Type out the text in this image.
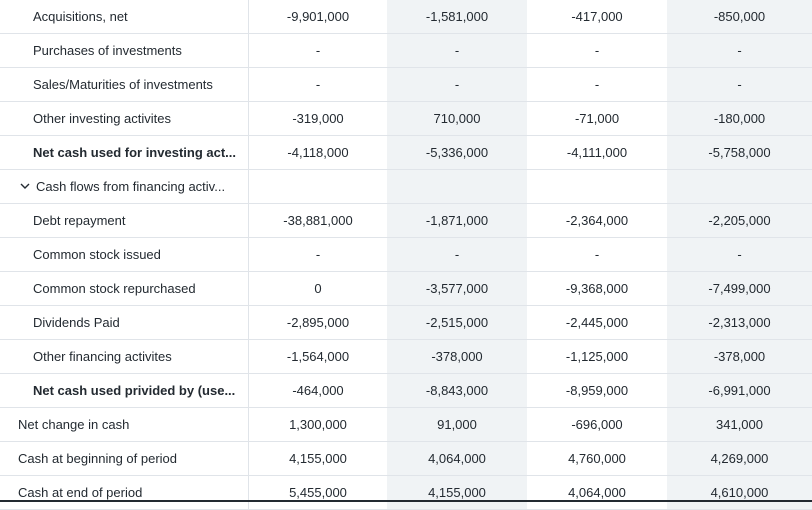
Acquisitions, net	-9,901,000	-1,581,000	-417,000	-850,000
Purchases of investments	-	-	-	-
Sales/Maturities of investments	-	-	-	-
Other investing activites	-319,000	710,000	-71,000	-180,000
Net cash used for investing act...	-4,118,000	-5,336,000	-4,111,000	-5,758,000
Cash flows from financing activ...
Debt repayment	-38,881,000	-1,871,000	-2,364,000	-2,205,000
Common stock issued	-	-	-	-
Common stock repurchased	0	-3,577,000	-9,368,000	-7,499,000
Dividends Paid	-2,895,000	-2,515,000	-2,445,000	-2,313,000
Other financing activites	-1,564,000	-378,000	-1,125,000	-378,000
Net cash used privided by (use...	-464,000	-8,843,000	-8,959,000	-6,991,000
Net change in cash	1,300,000	91,000	-696,000	341,000
Cash at beginning of period	4,155,000	4,064,000	4,760,000	4,269,000
Cash at end of period	5,455,000	4,155,000	4,064,000	4,610,000
